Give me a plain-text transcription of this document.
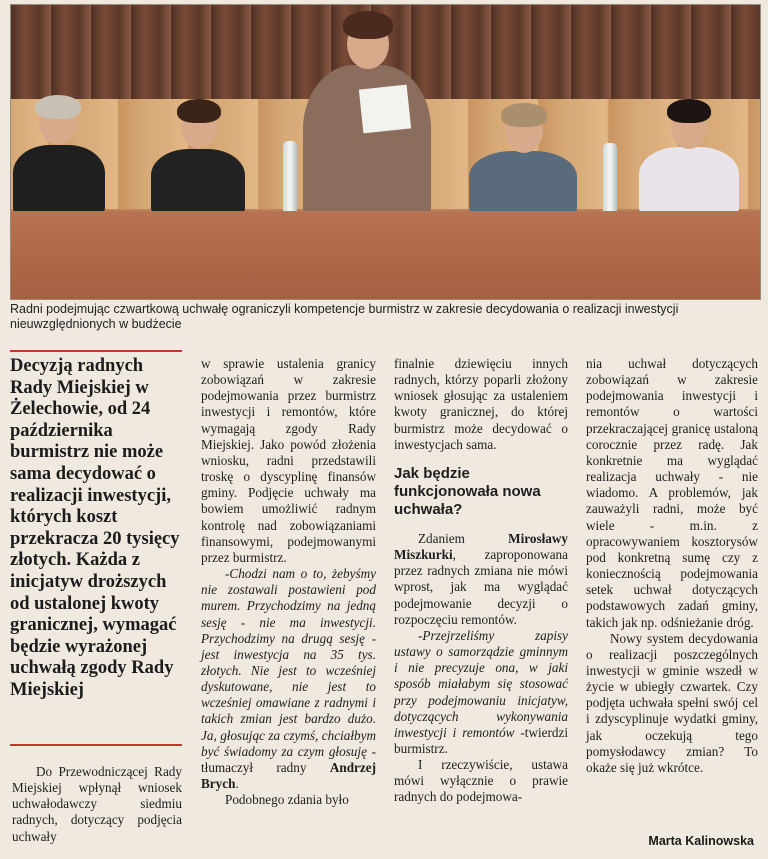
Radni podejmując czwartkową uchwałę ograniczyli kompetencje burmistrz w zakresie decydowania o realizacji inwestycji nieuwzględnionych w budżecie
Decyzją radnych Rady Miejskiej w Żelechowie, od 24 października burmistrz nie może sama decydować o realizacji inwestycji, których koszt przekracza 20 tysięcy złotych. Każda z inicjatyw droższych od ustalonej kwoty granicznej, wymagać będzie wyrażonej uchwałą zgody Rady Miejskiej

Do Przewodniczącej Rady Miejskiej wpłynął wniosek uchwałodawczy siedmiu radnych, dotyczący podjęcia uchwały

w sprawie ustalenia granicy zobowiązań w zakresie podejmowania przez burmistrz inwestycji i remontów, które wymagają zgody Rady Miejskiej. Jako powód złożenia wniosku, radni przedstawili troskę o dyscyplinę finansów gminy. Podjęcie uchwały ma bowiem umożliwić radnym kontrolę nad zobowiązaniami finansowymi, podejmowanymi przez burmistrz.

-Chodzi nam o to, żebyśmy nie zostawali postawieni pod murem. Przychodzimy na jedną sesję - nie ma inwestycji. Przychodzimy na drugą sesję - jest inwestycja na 35 tys. złotych. Nie jest to wcześniej dyskutowane, nie jest to wcześniej omawiane z radnymi i takich zmian jest bardzo dużo. Ja, głosując za czymś, chciałbym być świadomy za czym głosuję -tłumaczył radny Andrzej Brych.

Podobnego zdania było

finalnie dziewięciu innych radnych, którzy poparli złożony wniosek głosując za ustaleniem kwoty granicznej, do której burmistrz może decydować o inwestycjach sama.

Jak będzie funkcjonowała nowa uchwała?

Zdaniem Mirosławy Miszkurki, zaproponowana przez radnych zmiana nie mówi wprost, jak ma wyglądać podejmowanie decyzji o rozpoczęciu remontów.

-Przejrzeliśmy zapisy ustawy o samorządzie gminnym i nie precyzuje ona, w jaki sposób miałabym się stosować przy podejmowaniu inicjatyw, dotyczących wykonywania inwestycji i remontów -twierdzi burmistrz.

I rzeczywiście, ustawa mówi wyłącznie o prawie radnych do podejmowa-

nia uchwał dotyczących zobowiązań w zakresie podejmowania inwestycji i remontów o wartości przekraczającej granicę ustaloną corocznie przez radę. Jak konkretnie ma wyglądać realizacja uchwały - nie wiadomo. A problemów, jak zauważyli radni, może być wiele - m.in. z opracowywaniem kosztorysów pod konkretną sumę czy z koniecznością podejmowania setek uchwał dotyczących podstawowych zadań gminy, takich jak np. odśnieżanie dróg.

Nowy system decydowania o realizacji poszczególnych inwestycji w gminie wszedł w życie w ubiegły czwartek. Czy podjęta uchwała spełni swój cel i zdyscyplinuje wydatki gminy, jak oczekują tego pomysłodawcy zmian? To okaże się już wkrótce.

Marta Kalinowska
